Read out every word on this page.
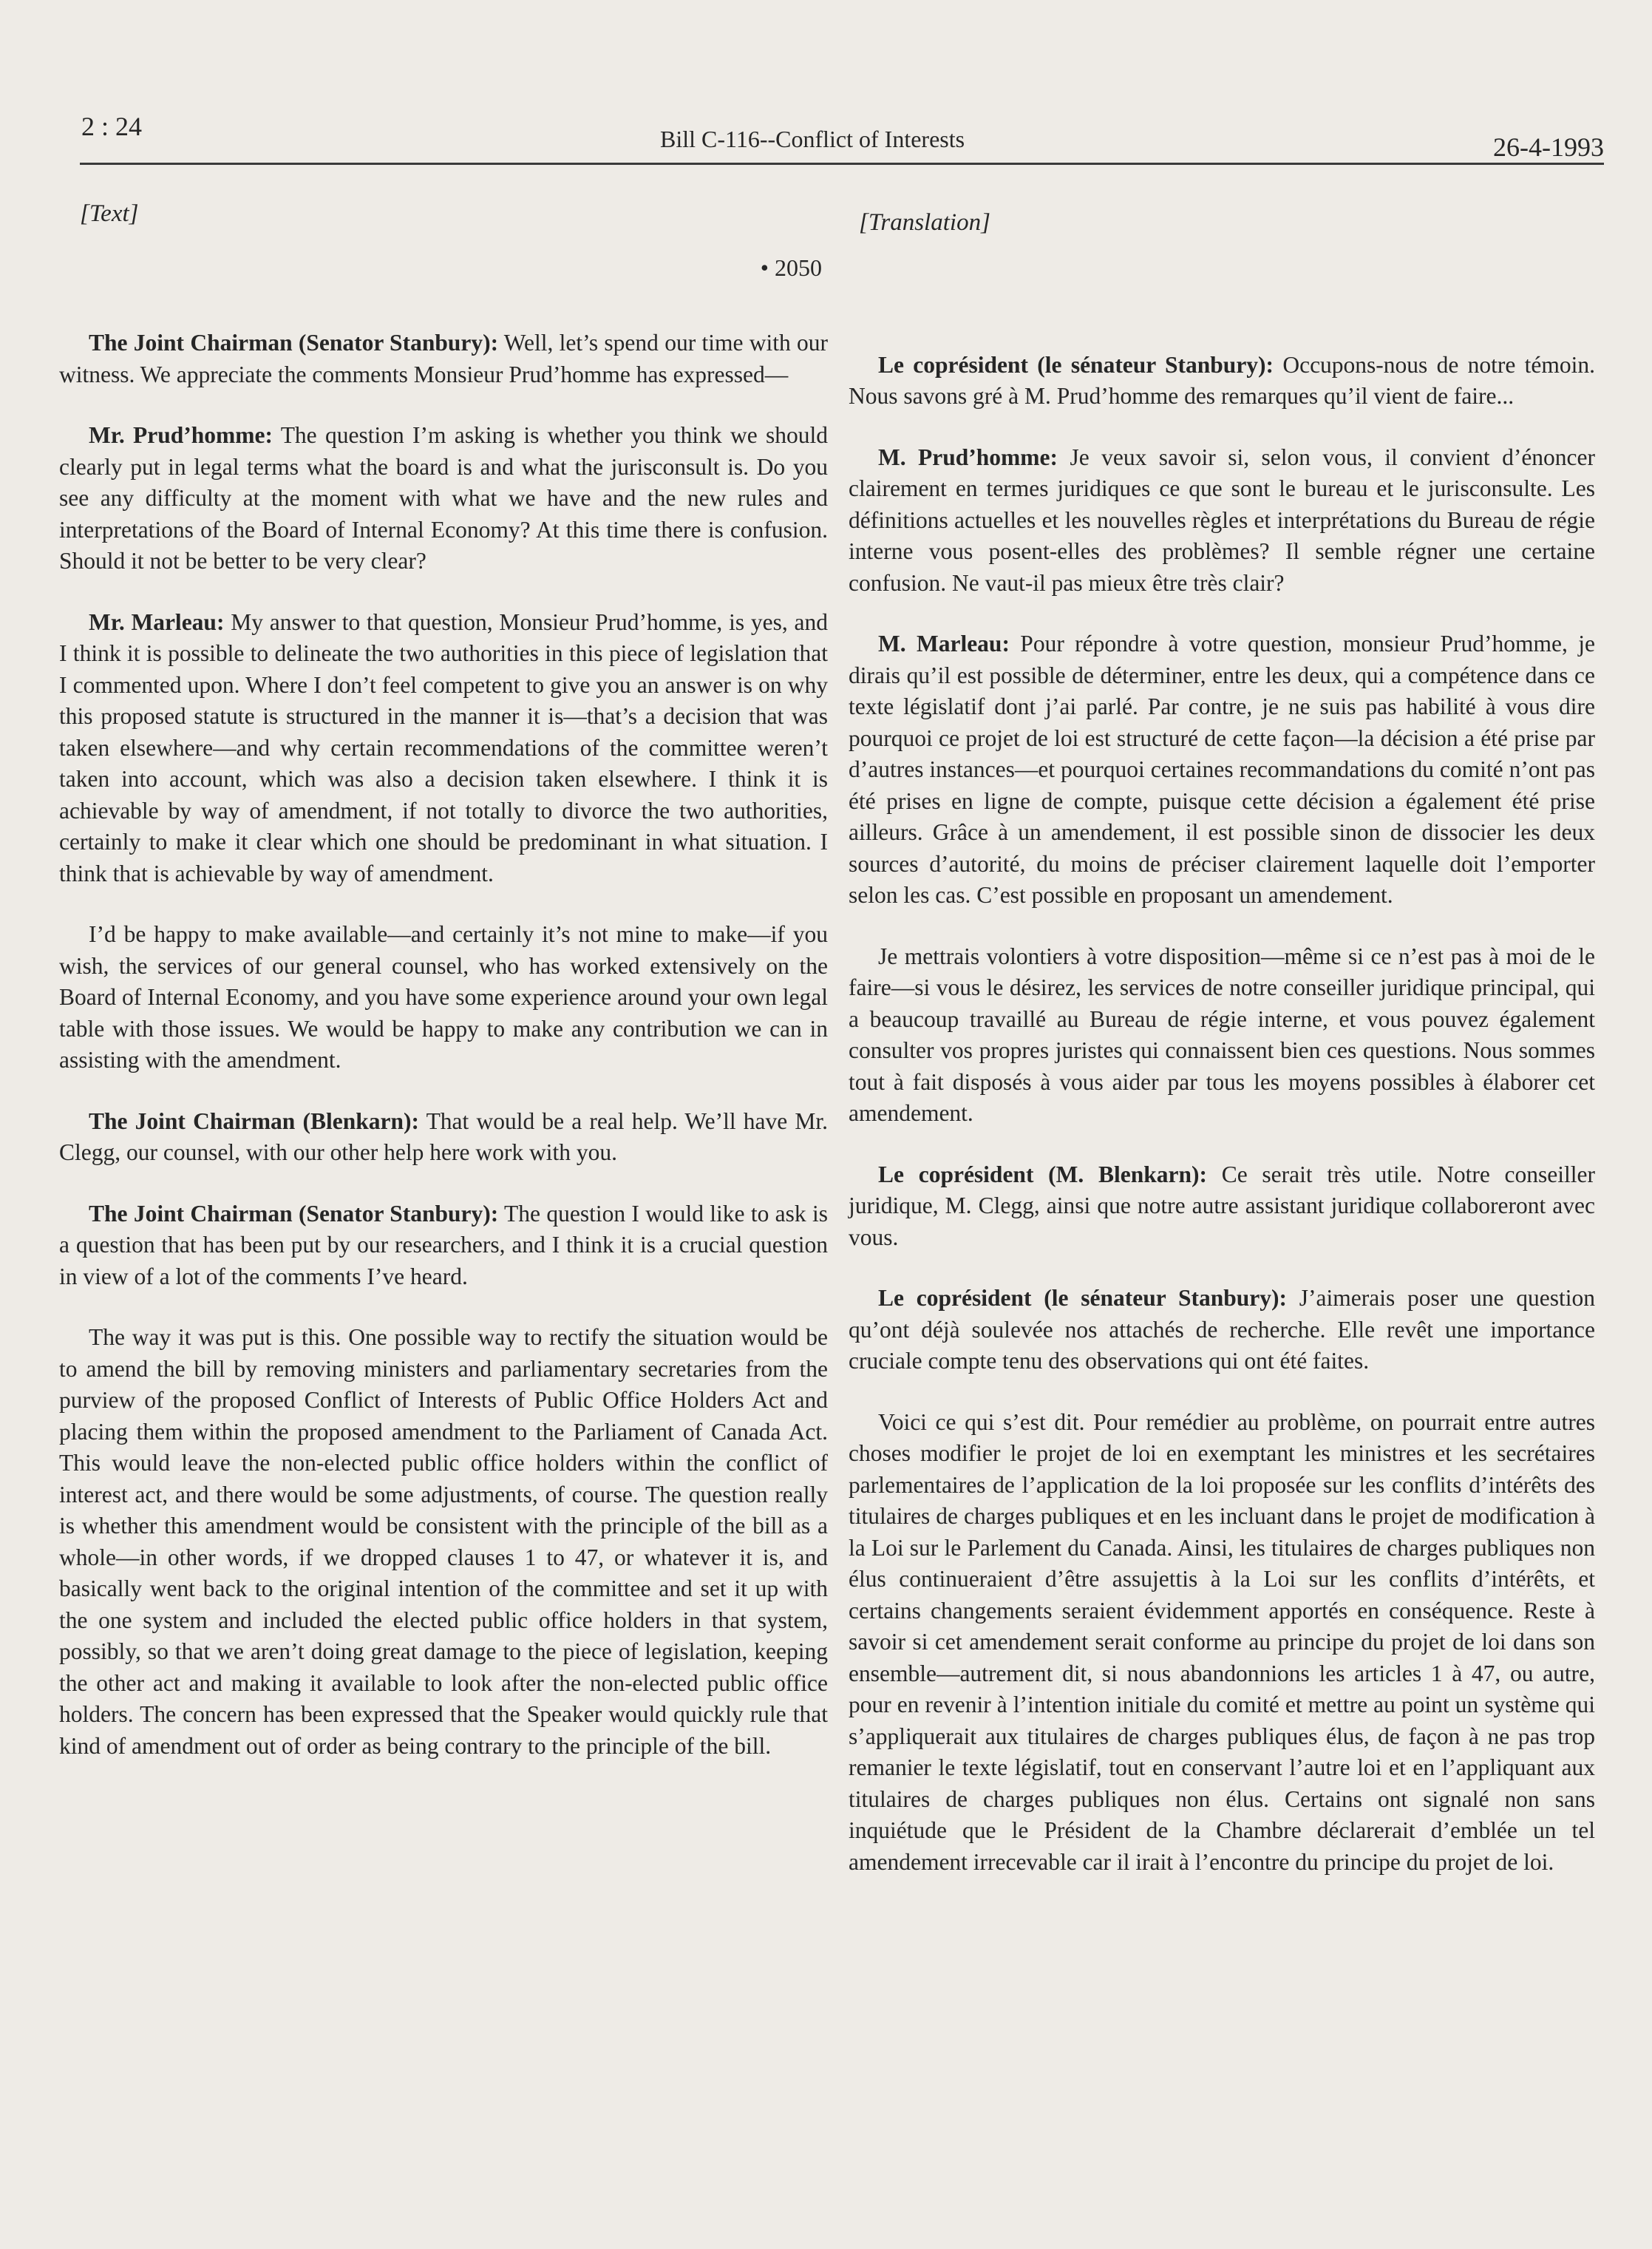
2 : 24	Bill C-116--Conflict of Interests	26-4-1993
[Text]
• 2050

The Joint Chairman (Senator Stanbury): Well, let’s spend our time with our witness. We appreciate the comments Monsieur Prud’homme has expressed—

Mr. Prud’homme: The question I’m asking is whether you think we should clearly put in legal terms what the board is and what the jurisconsult is. Do you see any difficulty at the moment with what we have and the new rules and interpretations of the Board of Internal Economy? At this time there is confusion. Should it not be better to be very clear?

Mr. Marleau: My answer to that question, Monsieur Prud’homme, is yes, and I think it is possible to delineate the two authorities in this piece of legislation that I commented upon. Where I don’t feel competent to give you an answer is on why this proposed statute is structured in the manner it is—that’s a decision that was taken elsewhere—and why certain recommendations of the committee weren’t taken into account, which was also a decision taken elsewhere. I think it is achievable by way of amendment, if not totally to divorce the two authorities, certainly to make it clear which one should be predominant in what situation. I think that is achievable by way of amendment.

I’d be happy to make available—and certainly it’s not mine to make—if you wish, the services of our general counsel, who has worked extensively on the Board of Internal Economy, and you have some experience around your own legal table with those issues. We would be happy to make any contribution we can in assisting with the amendment.

The Joint Chairman (Blenkarn): That would be a real help. We’ll have Mr. Clegg, our counsel, with our other help here work with you.

The Joint Chairman (Senator Stanbury): The question I would like to ask is a question that has been put by our researchers, and I think it is a crucial question in view of a lot of the comments I’ve heard.

The way it was put is this. One possible way to rectify the situation would be to amend the bill by removing ministers and parliamentary secretaries from the purview of the proposed Conflict of Interests of Public Office Holders Act and placing them within the proposed amendment to the Parliament of Canada Act. This would leave the non-elected public office holders within the conflict of interest act, and there would be some adjustments, of course. The question really is whether this amendment would be consistent with the principle of the bill as a whole—in other words, if we dropped clauses 1 to 47, or whatever it is, and basically went back to the original intention of the committee and set it up with the one system and included the elected public office holders in that system, possibly, so that we aren’t doing great damage to the piece of legislation, keeping the other act and making it available to look after the non-elected public office holders. The concern has been expressed that the Speaker would quickly rule that kind of amendment out of order as being contrary to the principle of the bill.

[Translation]

Le coprésident (le sénateur Stanbury): Occupons-nous de notre témoin. Nous savons gré à M. Prud’homme des remarques qu’il vient de faire...

M. Prud’homme: Je veux savoir si, selon vous, il convient d’énoncer clairement en termes juridiques ce que sont le bureau et le jurisconsulte. Les définitions actuelles et les nouvelles règles et interprétations du Bureau de régie interne vous posent-elles des problèmes? Il semble régner une certaine confusion. Ne vaut-il pas mieux être très clair?

M. Marleau: Pour répondre à votre question, monsieur Prud’homme, je dirais qu’il est possible de déterminer, entre les deux, qui a compétence dans ce texte législatif dont j’ai parlé. Par contre, je ne suis pas habilité à vous dire pourquoi ce projet de loi est structuré de cette façon—la décision a été prise par d’autres instances—et pourquoi certaines recommandations du comité n’ont pas été prises en ligne de compte, puisque cette décision a également été prise ailleurs. Grâce à un amendement, il est possible sinon de dissocier les deux sources d’autorité, du moins de préciser clairement laquelle doit l’emporter selon les cas. C’est possible en proposant un amendement.

Je mettrais volontiers à votre disposition—même si ce n’est pas à moi de le faire—si vous le désirez, les services de notre conseiller juridique principal, qui a beaucoup travaillé au Bureau de régie interne, et vous pouvez également consulter vos propres juristes qui connaissent bien ces questions. Nous sommes tout à fait disposés à vous aider par tous les moyens possibles à élaborer cet amendement.

Le coprésident (M. Blenkarn): Ce serait très utile. Notre conseiller juridique, M. Clegg, ainsi que notre autre assistant juridique collaboreront avec vous.

Le coprésident (le sénateur Stanbury): J’aimerais poser une question qu’ont déjà soulevée nos attachés de recherche. Elle revêt une importance cruciale compte tenu des observations qui ont été faites.

Voici ce qui s’est dit. Pour remédier au problème, on pourrait entre autres choses modifier le projet de loi en exemptant les ministres et les secrétaires parlementaires de l’application de la loi proposée sur les conflits d’intérêts des titulaires de charges publiques et en les incluant dans le projet de modification à la Loi sur le Parlement du Canada. Ainsi, les titulaires de charges publiques non élus continueraient d’être assujettis à la Loi sur les conflits d’intérêts, et certains changements seraient évidemment apportés en conséquence. Reste à savoir si cet amendement serait conforme au principe du projet de loi dans son ensemble—autrement dit, si nous abandonnions les articles 1 à 47, ou autre, pour en revenir à l’intention initiale du comité et mettre au point un système qui s’appliquerait aux titulaires de charges publiques élus, de façon à ne pas trop remanier le texte législatif, tout en conservant l’autre loi et en l’appliquant aux titulaires de charges publiques non élus. Certains ont signalé non sans inquiétude que le Président de la Chambre déclarerait d’emblée un tel amendement irrecevable car il irait à l’encontre du principe du projet de loi.
